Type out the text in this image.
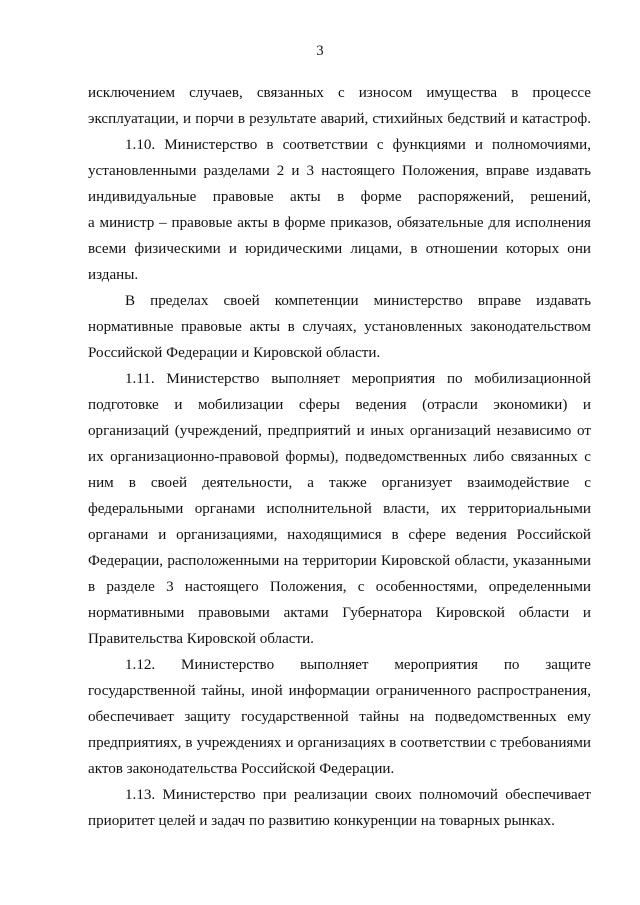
3
исключением случаев, связанных с износом имущества в процессе
эксплуатации, и порчи в результате аварий, стихийных бедствий и катастроф.
1.10. Министерство в соответствии с функциями и полномочиями,
установленными разделами 2 и 3 настоящего Положения, вправе издавать
индивидуальные правовые акты в форме распоряжений, решений,
а министр – правовые акты в форме приказов, обязательные для исполнения
всеми физическими и юридическими лицами, в отношении которых они
изданы.
В пределах своей компетенции министерство вправе издавать
нормативные правовые акты в случаях, установленных законодательством
Российской Федерации и Кировской области.
1.11. Министерство выполняет мероприятия по мобилизационной
подготовке и мобилизации сферы ведения (отрасли экономики) и
организаций (учреждений, предприятий и иных организаций независимо от
их организационно-правовой формы), подведомственных либо связанных с
ним в своей деятельности, а также организует взаимодействие с
федеральными органами исполнительной власти, их территориальными
органами и организациями, находящимися в сфере ведения Российской
Федерации, расположенными на территории Кировской области, указанными
в разделе 3 настоящего Положения, с особенностями, определенными
нормативными правовыми актами Губернатора Кировской области и
Правительства Кировской области.
1.12. Министерство выполняет мероприятия по защите
государственной тайны, иной информации ограниченного распространения,
обеспечивает защиту государственной тайны на подведомственных ему
предприятиях, в учреждениях и организациях в соответствии с требованиями
актов законодательства Российской Федерации.
1.13. Министерство при реализации своих полномочий обеспечивает
приоритет целей и задач по развитию конкуренции на товарных рынках.
